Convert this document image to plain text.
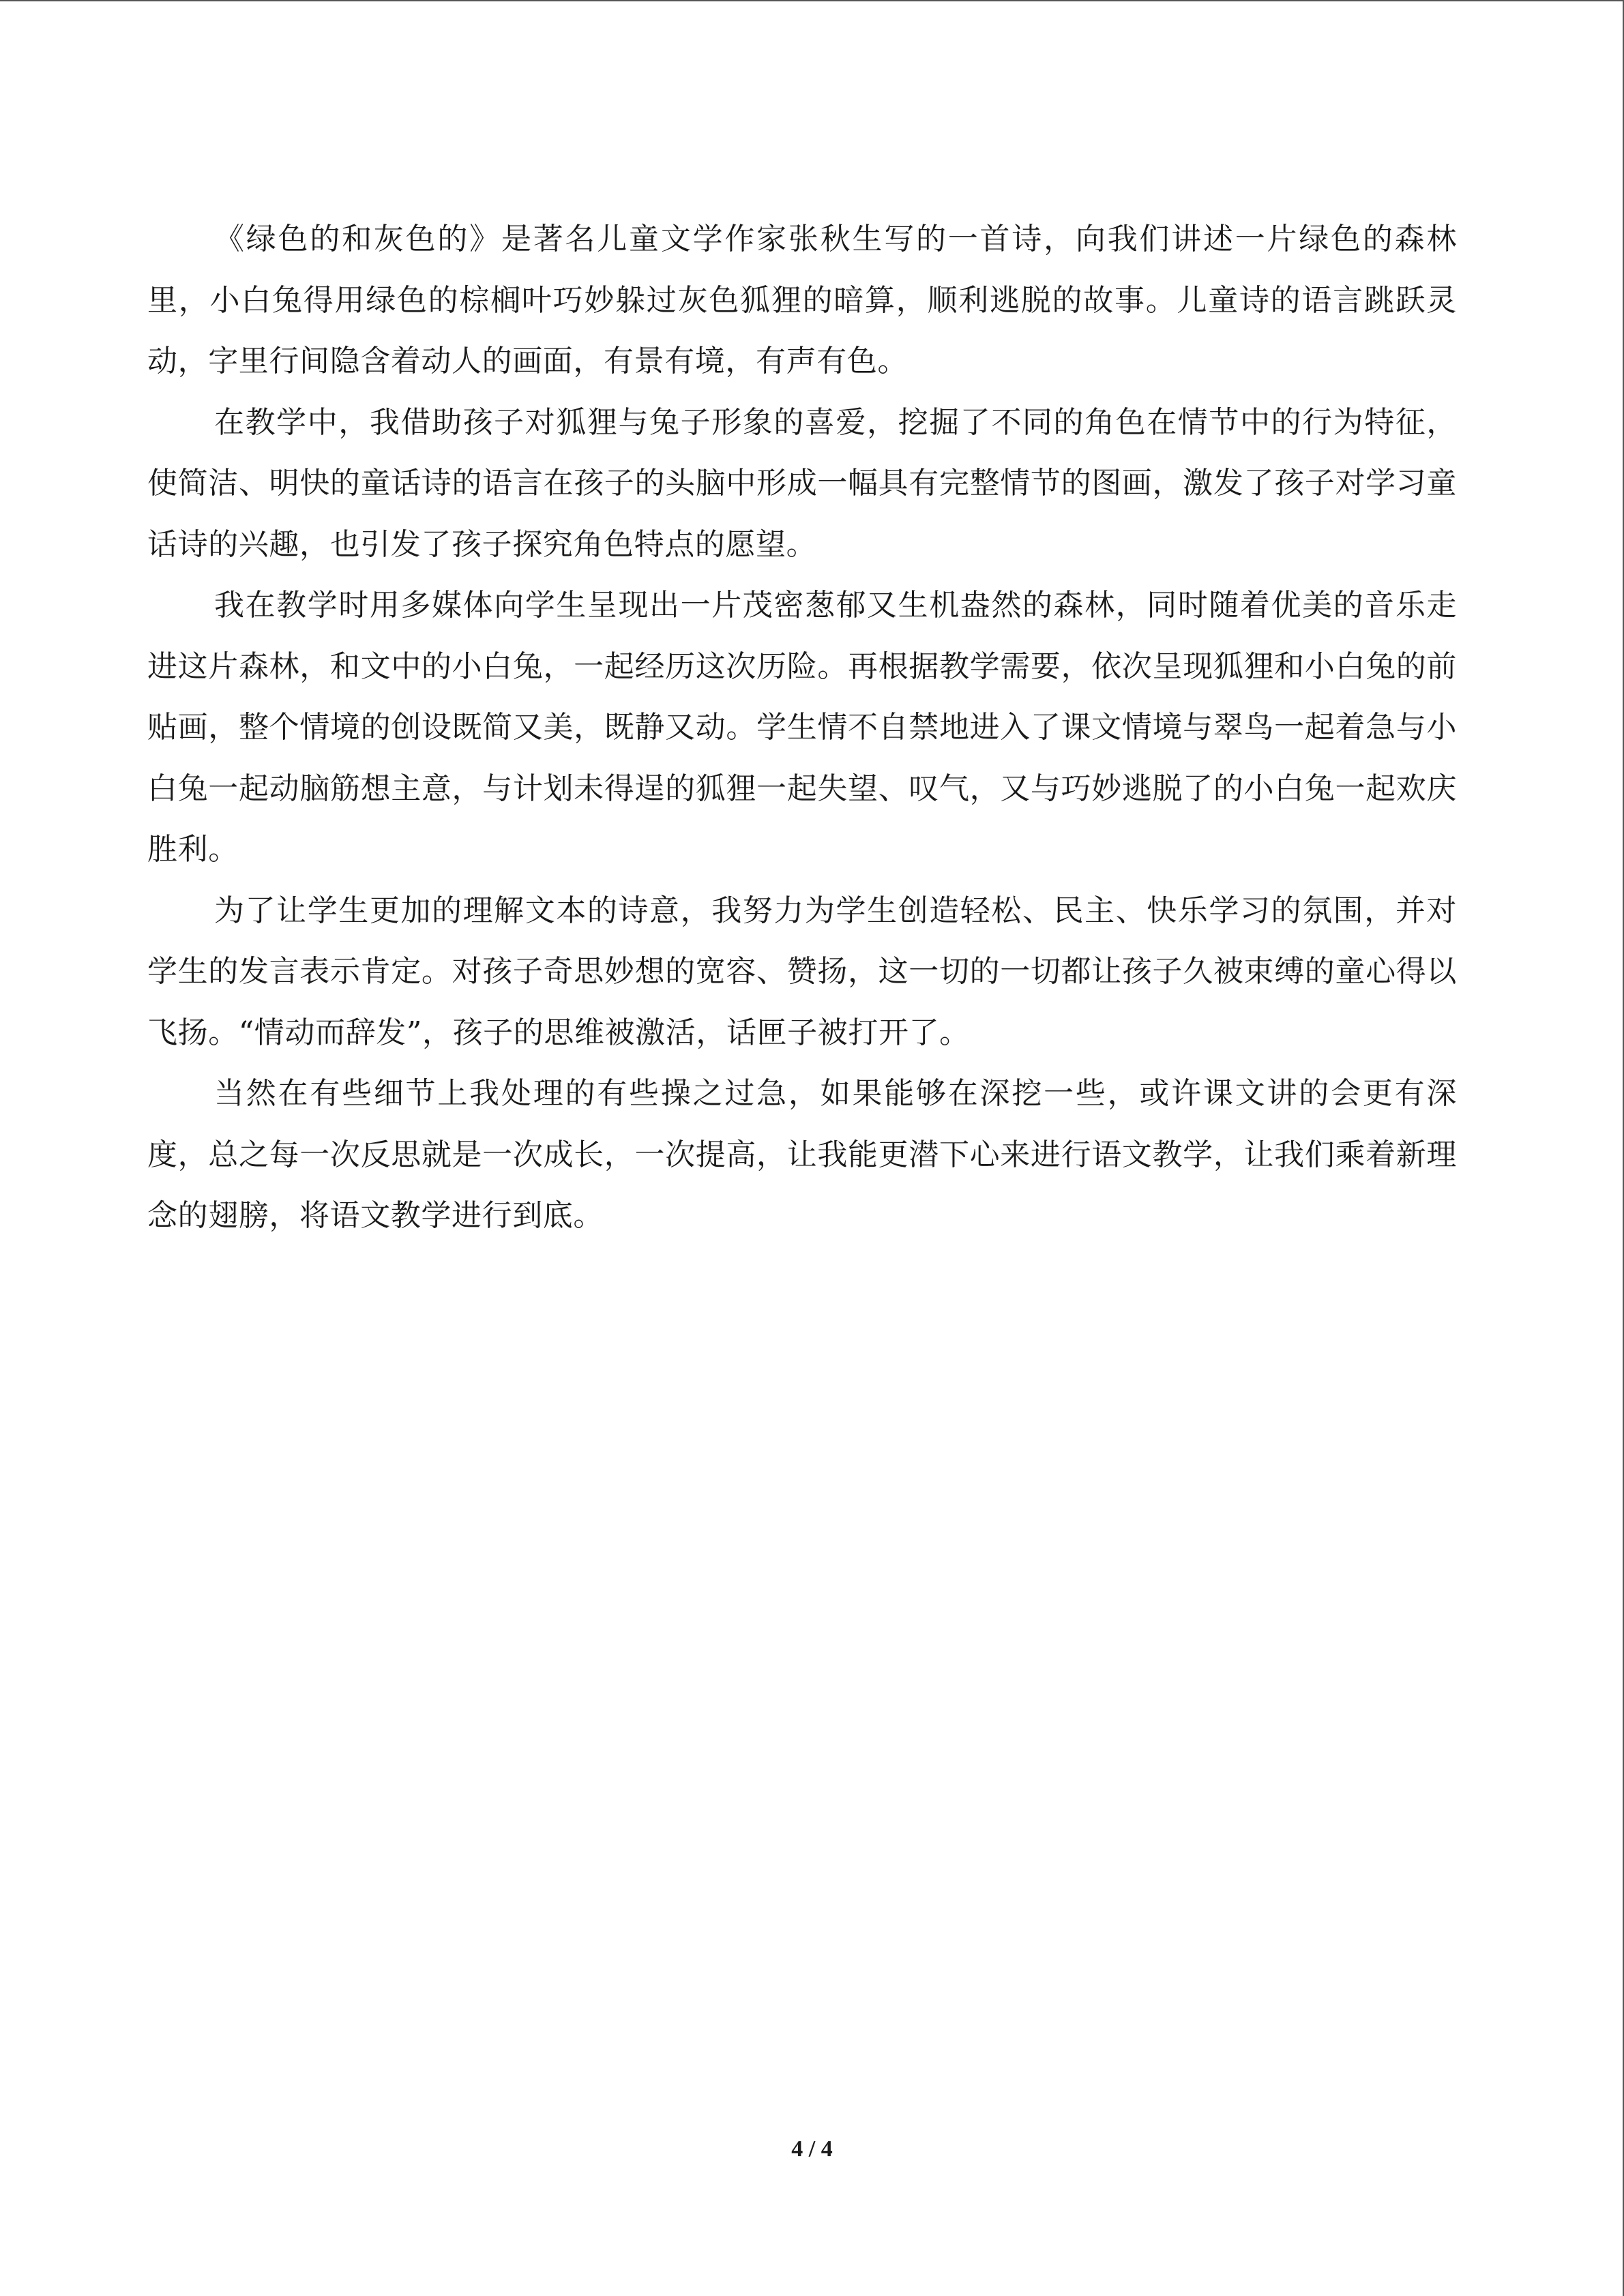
《绿色的和灰色的》是著名儿童文学作家张秋生写的一首诗，向我们讲述一片绿色的森林里，小白兔得用绿色的棕榈叶巧妙躲过灰色狐狸的暗算，顺利逃脱的故事。儿童诗的语言跳跃灵动，字里行间隐含着动人的画面，有景有境，有声有色。

在教学中，我借助孩子对狐狸与兔子形象的喜爱，挖掘了不同的角色在情节中的行为特征，使简洁、明快的童话诗的语言在孩子的头脑中形成一幅具有完整情节的图画，激发了孩子对学习童话诗的兴趣，也引发了孩子探究角色特点的愿望。

我在教学时用多媒体向学生呈现出一片茂密葱郁又生机盎然的森林，同时随着优美的音乐走进这片森林，和文中的小白兔，一起经历这次历险。再根据教学需要，依次呈现狐狸和小白兔的前贴画，整个情境的创设既简又美，既静又动。学生情不自禁地进入了课文情境与翠鸟一起着急与小白兔一起动脑筋想主意，与计划未得逞的狐狸一起失望、叹气，又与巧妙逃脱了的小白兔一起欢庆胜利。

为了让学生更加的理解文本的诗意，我努力为学生创造轻松、民主、快乐学习的氛围，并对学生的发言表示肯定。对孩子奇思妙想的宽容、赞扬，这一切的一切都让孩子久被束缚的童心得以飞扬。“情动而辞发”，孩子的思维被激活，话匣子被打开了。

当然在有些细节上我处理的有些操之过急，如果能够在深挖一些，或许课文讲的会更有深度，总之每一次反思就是一次成长，一次提高，让我能更潜下心来进行语文教学，让我们乘着新理念的翅膀，将语文教学进行到底。

4 / 4
